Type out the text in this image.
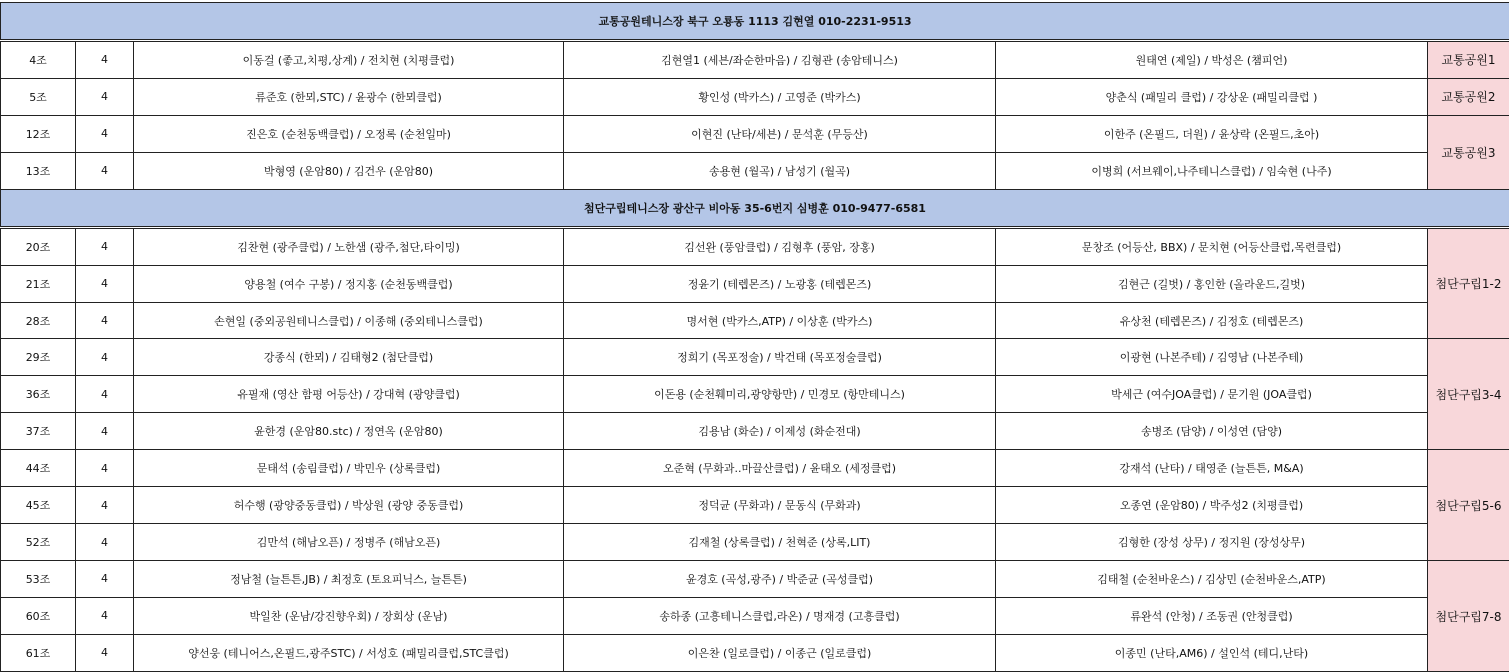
교통공원테니스장 북구 오룡동 1113 김현열 010-2231-9513					
4조	4	이동걸 (좋고,치평,상계) / 전치현 (치평클럽)	김현열1 (세븐/좌순한마음) / 김형관 (송암테니스)	원태연 (제일) / 박성은 (챔피언)	교통공원1
5조	4	류준호 (한뫼,STC) / 윤광수 (한뫼클럽)	황인성 (박카스) / 고영준 (박카스)	양춘식 (패밀리 클럽) / 강상운 (패밀리클럽 )	교통공원2
12조	4	진은호 (순천동백클럽) / 오정록 (순천일마)	이현진 (난타/세븐) / 문석훈 (무등산)	이한주 (온필드, 더원) / 윤상락 (온필드,초아)	교통공원3
13조	4	박형영 (운암80) / 김건우 (운암80)	송용현 (월곡) / 남성기 (월곡)	이병희 (서브웨이,나주테니스클럽) / 임숙현 (나주)	
첨단구립테니스장 광산구 비아동 35-6번지 심병훈 010-9477-6581					
20조	4	김찬현 (광주클럽) / 노한샘 (광주,첨단,타이밍)	김선완 (풍암클럽) / 김형후 (풍암, 장홍)	문창조 (어등산, BBX) / 문치현 (어등산클럽,목련클럽)	첨단구립1-2
21조	4	양용철 (여수 구봉) / 정지홍 (순천동백클럽)	정윤기 (테렙몬즈) / 노광홍 (테렙몬즈)	김현근 (길벗) / 홍인한 (올라운드,길벗)	
28조	4	손현일 (중외공원테니스클럽) / 이종해 (중외테니스클럽)	명서현 (박카스,ATP) / 이상훈 (박카스)	유상천 (테렙몬즈) / 김정호 (테렙몬즈)	
29조	4	강종식 (한뫼) / 김태형2 (첨단클럽)	정희기 (목포정술) / 박건태 (목포정술클럽)	이광현 (나본주테) / 김영남 (나본주테)	첨단구립3-4
36조	4	유필재 (영산 함평 어등산) / 강대혁 (광양클럽)	이돈용 (순천훼미리,광양항만) / 민경모 (항만테니스)	박세근 (여수JOA클럽) / 문기원 (JOA클럽)	
37조	4	윤한경 (운암80.stc) / 정연옥 (운암80)	김용남 (화순) / 이제성 (화순전대)	송병조 (담양) / 이성연 (담양)	
44조	4	문태석 (송림클럽) / 박민우 (상록클럽)	오준혁 (무화과..마끌산클럽) / 윤태오 (세정클럽)	강재석 (난타) / 태영준 (늘튼튼, M&A)	첨단구립5-6
45조	4	허수행 (광양중동클럽) / 박상원 (광양 중동클럽)	정덕균 (무화과) / 문동식 (무화과)	오종연 (운암80) / 박주성2 (치평클럽)	
52조	4	김만석 (해남오픈) / 정병주 (해남오픈)	김재철 (상록클럽) / 천혁준 (상록,LIT)	김형한 (장성 상무) / 정지원 (장성상무)	
53조	4	정남철 (늘튼튼,JB) / 최정호 (토요피닉스, 늘튼튼)	윤경호 (곡성,광주) / 박준균 (곡성클럽)	김태철 (순천바운스) / 김상민 (순천바운스,ATP)	첨단구립7-8
60조	4	박일찬 (운남/강진향우회) / 장회상 (운남)	송하종 (고흥테니스클럽,라온) / 명재경 (고흥클럽)	류완석 (안청) / 조동권 (안청클럽)	
61조	4	양선웅 (테니어스,온필드,광주STC) / 서성호 (패밀리클럽,STC클럽)	이은찬 (일로클럽) / 이종근 (일로클럽)	이종민 (난타,AM6) / 설인석 (테디,난타)	
